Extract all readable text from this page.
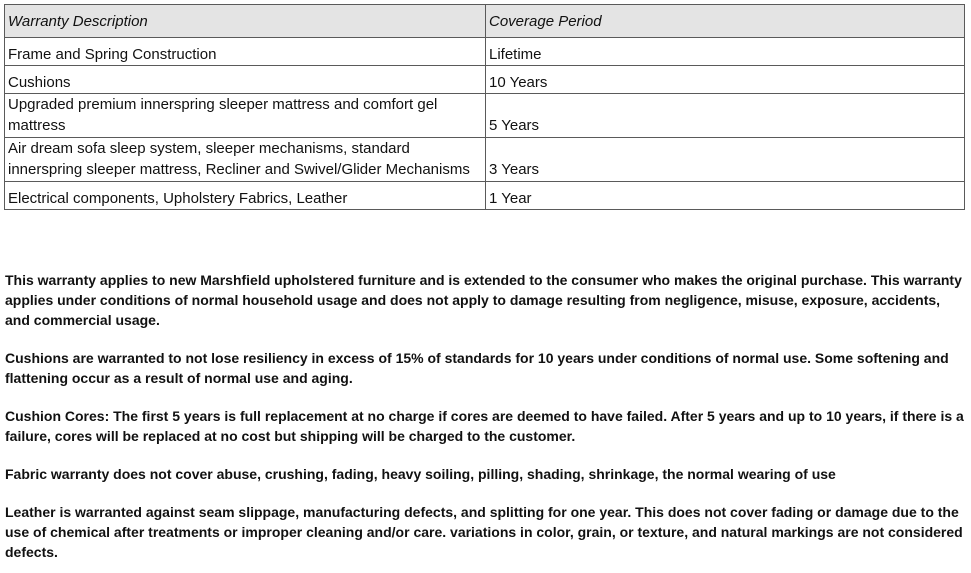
Warranty Description	Coverage Period
Frame and Spring Construction	Lifetime
Cushions	10 Years
Upgraded premium innerspring sleeper mattress and comfort gel mattress	5 Years
Air dream sofa sleep system, sleeper mechanisms, standard innerspring sleeper mattress, Recliner and Swivel/Glider Mechanisms	3 Years
Electrical components, Upholstery Fabrics, Leather	1 Year

This warranty applies to new Marshfield upholstered furniture and is extended to the consumer who makes the original purchase. This warranty applies under conditions of normal household usage and does not apply to damage resulting from negligence, misuse, exposure, accidents, and commercial usage.

Cushions are warranted to not lose resiliency in excess of 15% of standards for 10 years under conditions of normal use. Some softening and flattening occur as a result of normal use and aging.

Cushion Cores: The first 5 years is full replacement at no charge if cores are deemed to have failed. After 5 years and up to 10 years, if there is a failure, cores will be replaced at no cost but shipping will be charged to the customer.

Fabric warranty does not cover abuse, crushing, fading, heavy soiling, pilling, shading, shrinkage, the normal wearing of use

Leather is warranted against seam slippage, manufacturing defects, and splitting for one year. This does not cover fading or damage due to the use of chemical after treatments or improper cleaning and/or care. variations in color, grain, or texture, and natural markings are not considered defects.
